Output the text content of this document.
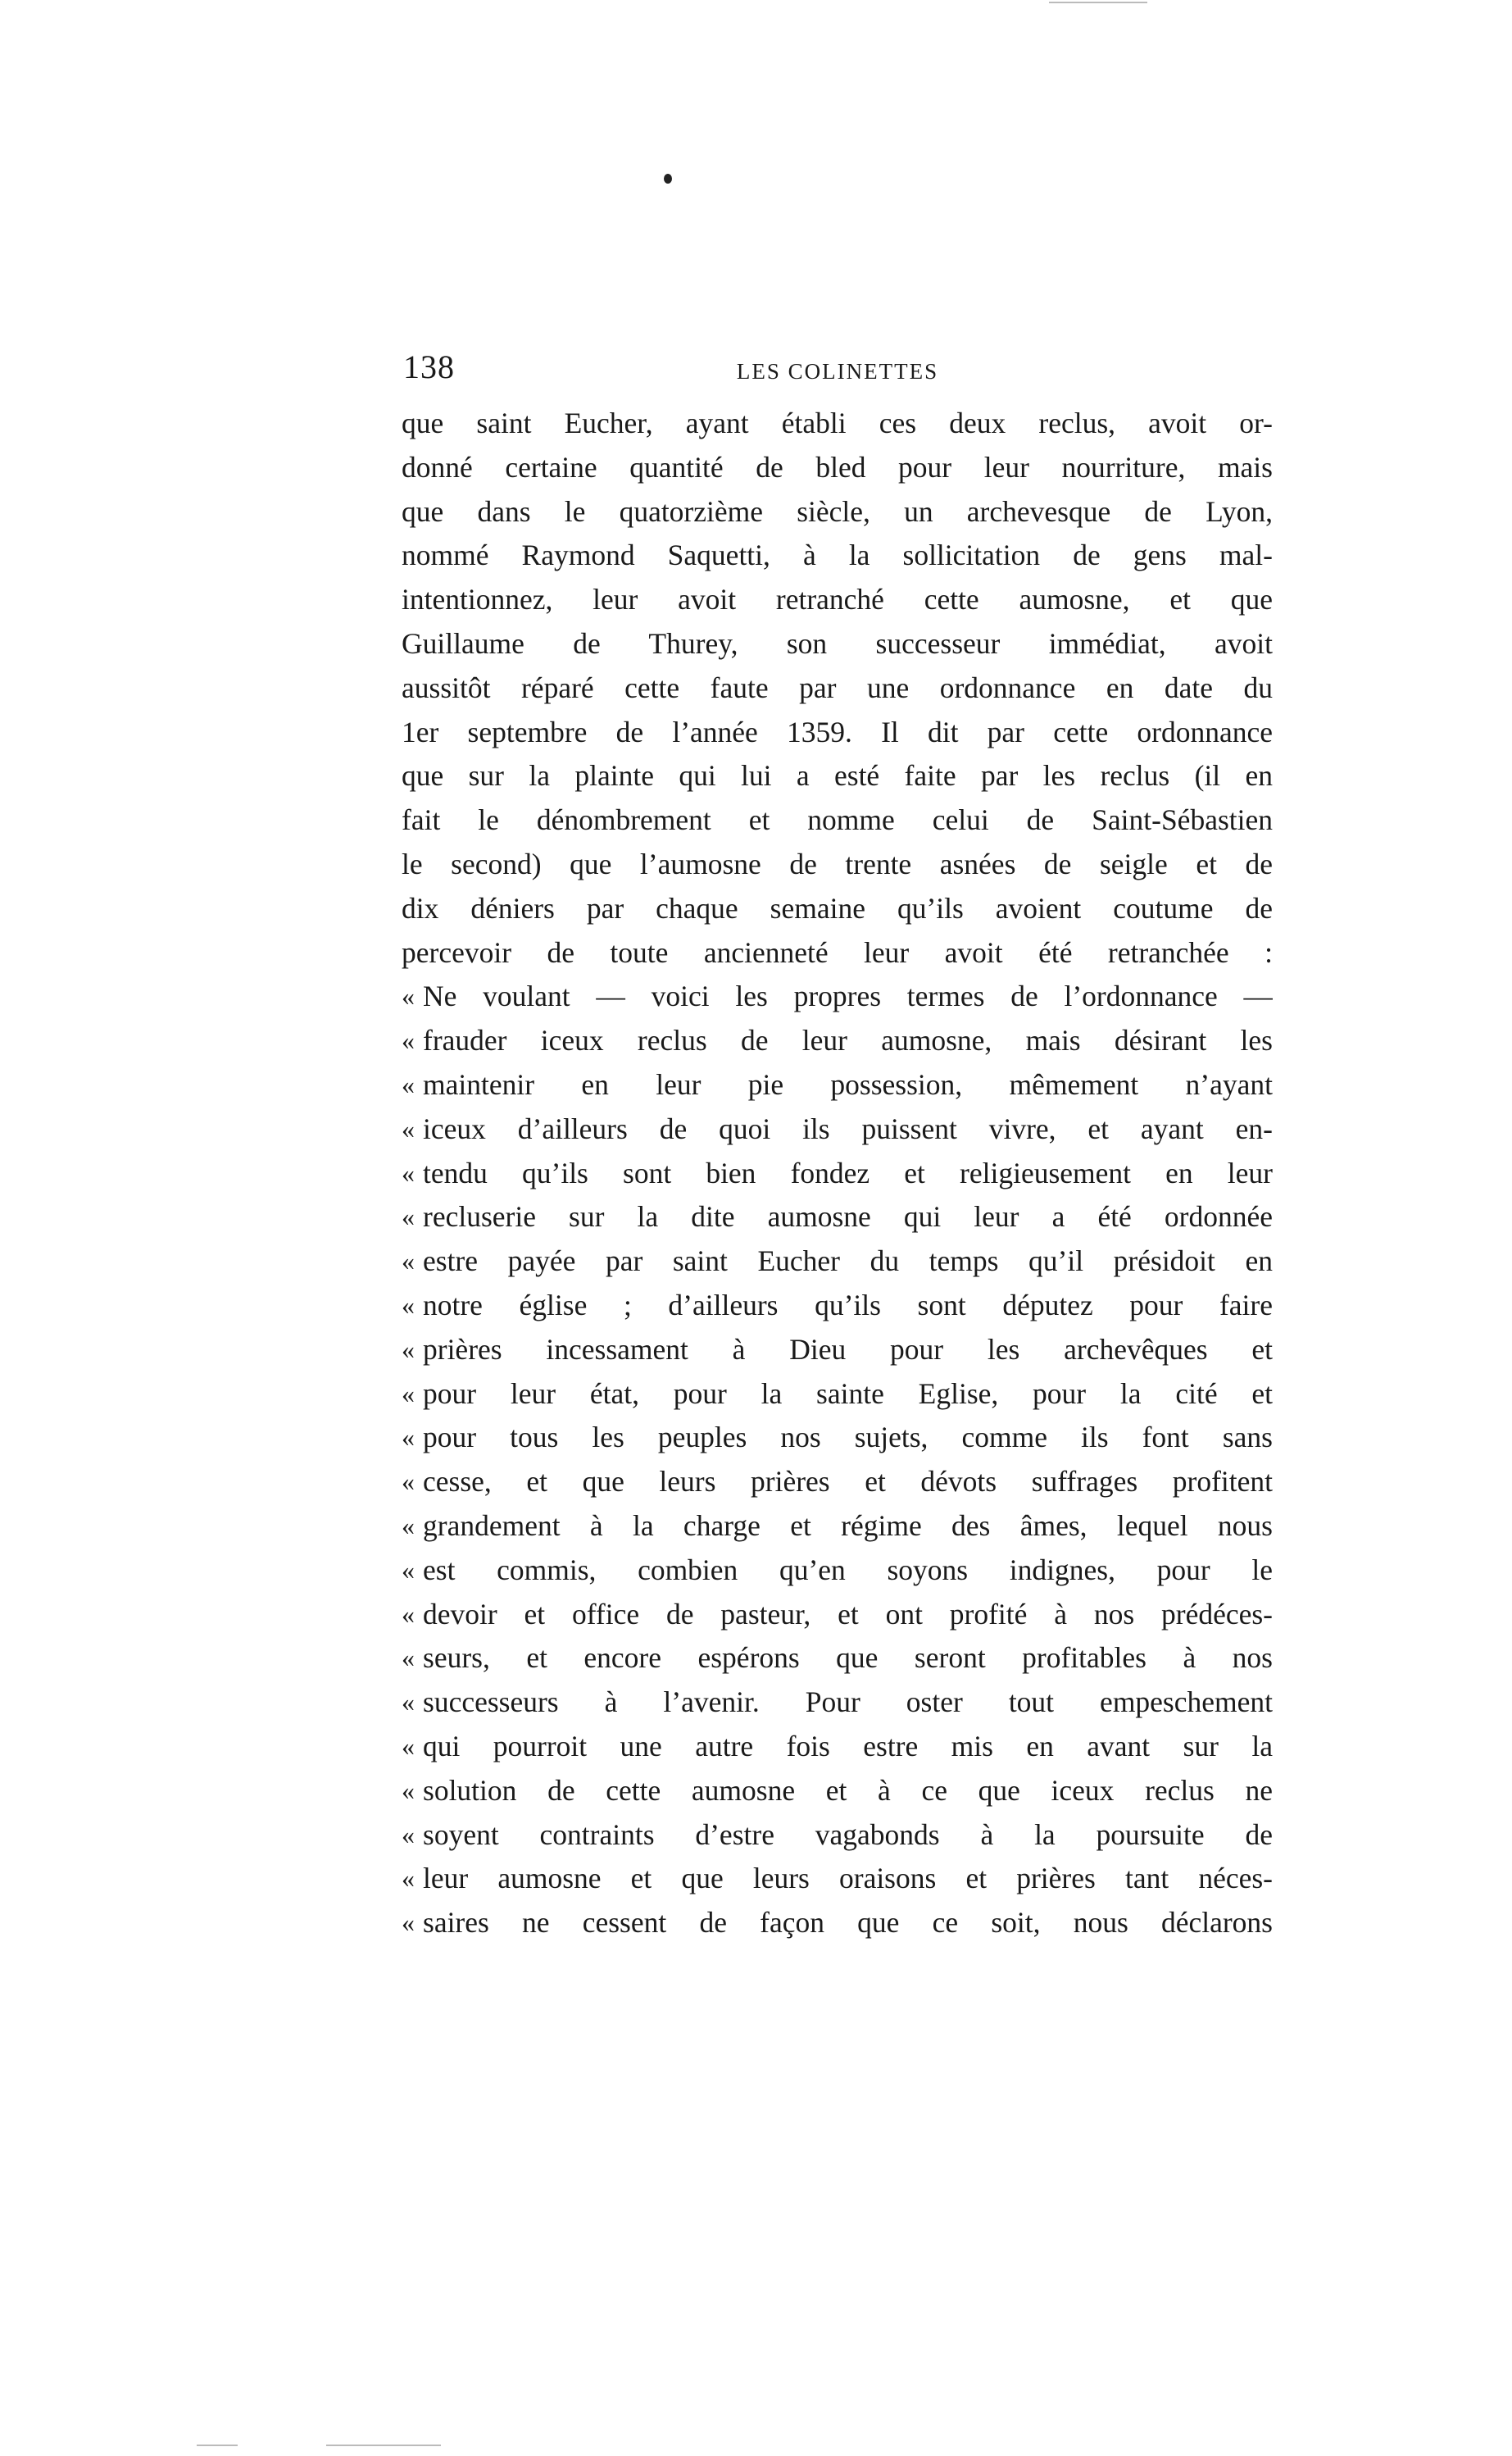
138	LES COLINETTES
que saint Eucher, ayant établi ces deux reclus, avoit or-
donné certaine quantité de bled pour leur nourriture, mais
que dans le quatorzième siècle, un archevesque de Lyon,
nommé Raymond Saquetti, à la sollicitation de gens mal-
intentionnez, leur avoit retranché cette aumosne, et que
Guillaume de Thurey, son successeur immédiat, avoit
aussitôt réparé cette faute par une ordonnance en date du
1er septembre de l’année 1359. Il dit par cette ordonnance
que sur la plainte qui lui a esté faite par les reclus (il en
fait le dénombrement et nomme celui de Saint-Sébastien
le second) que l’aumosne de trente asnées de seigle et de
dix déniers par chaque semaine qu’ils avoient coutume de
percevoir de toute ancienneté leur avoit été retranchée :
« Ne voulant — voici les propres termes de l’ordonnance —
« frauder iceux reclus de leur aumosne, mais désirant les
« maintenir en leur pie possession, mêmement n’ayant
« iceux d’ailleurs de quoi ils puissent vivre, et ayant en-
« tendu qu’ils sont bien fondez et religieusement en leur
« recluserie sur la dite aumosne qui leur a été ordonnée
« estre payée par saint Eucher du temps qu’il présidoit en
« notre église ; d’ailleurs qu’ils sont députez pour faire
« prières incessament à Dieu pour les archevêques et
« pour leur état, pour la sainte Eglise, pour la cité et
« pour tous les peuples nos sujets, comme ils font sans
« cesse, et que leurs prières et dévots suffrages profitent
« grandement à la charge et régime des âmes, lequel nous
« est commis, combien qu’en soyons indignes, pour le
« devoir et office de pasteur, et ont profité à nos prédéces-
« seurs, et encore espérons que seront profitables à nos
« successeurs à l’avenir. Pour oster tout empeschement
« qui pourroit une autre fois estre mis en avant sur la
« solution de cette aumosne et à ce que iceux reclus ne
« soyent contraints d’estre vagabonds à la poursuite de
« leur aumosne et que leurs oraisons et prières tant néces-
« saires ne cessent de façon que ce soit, nous déclarons
